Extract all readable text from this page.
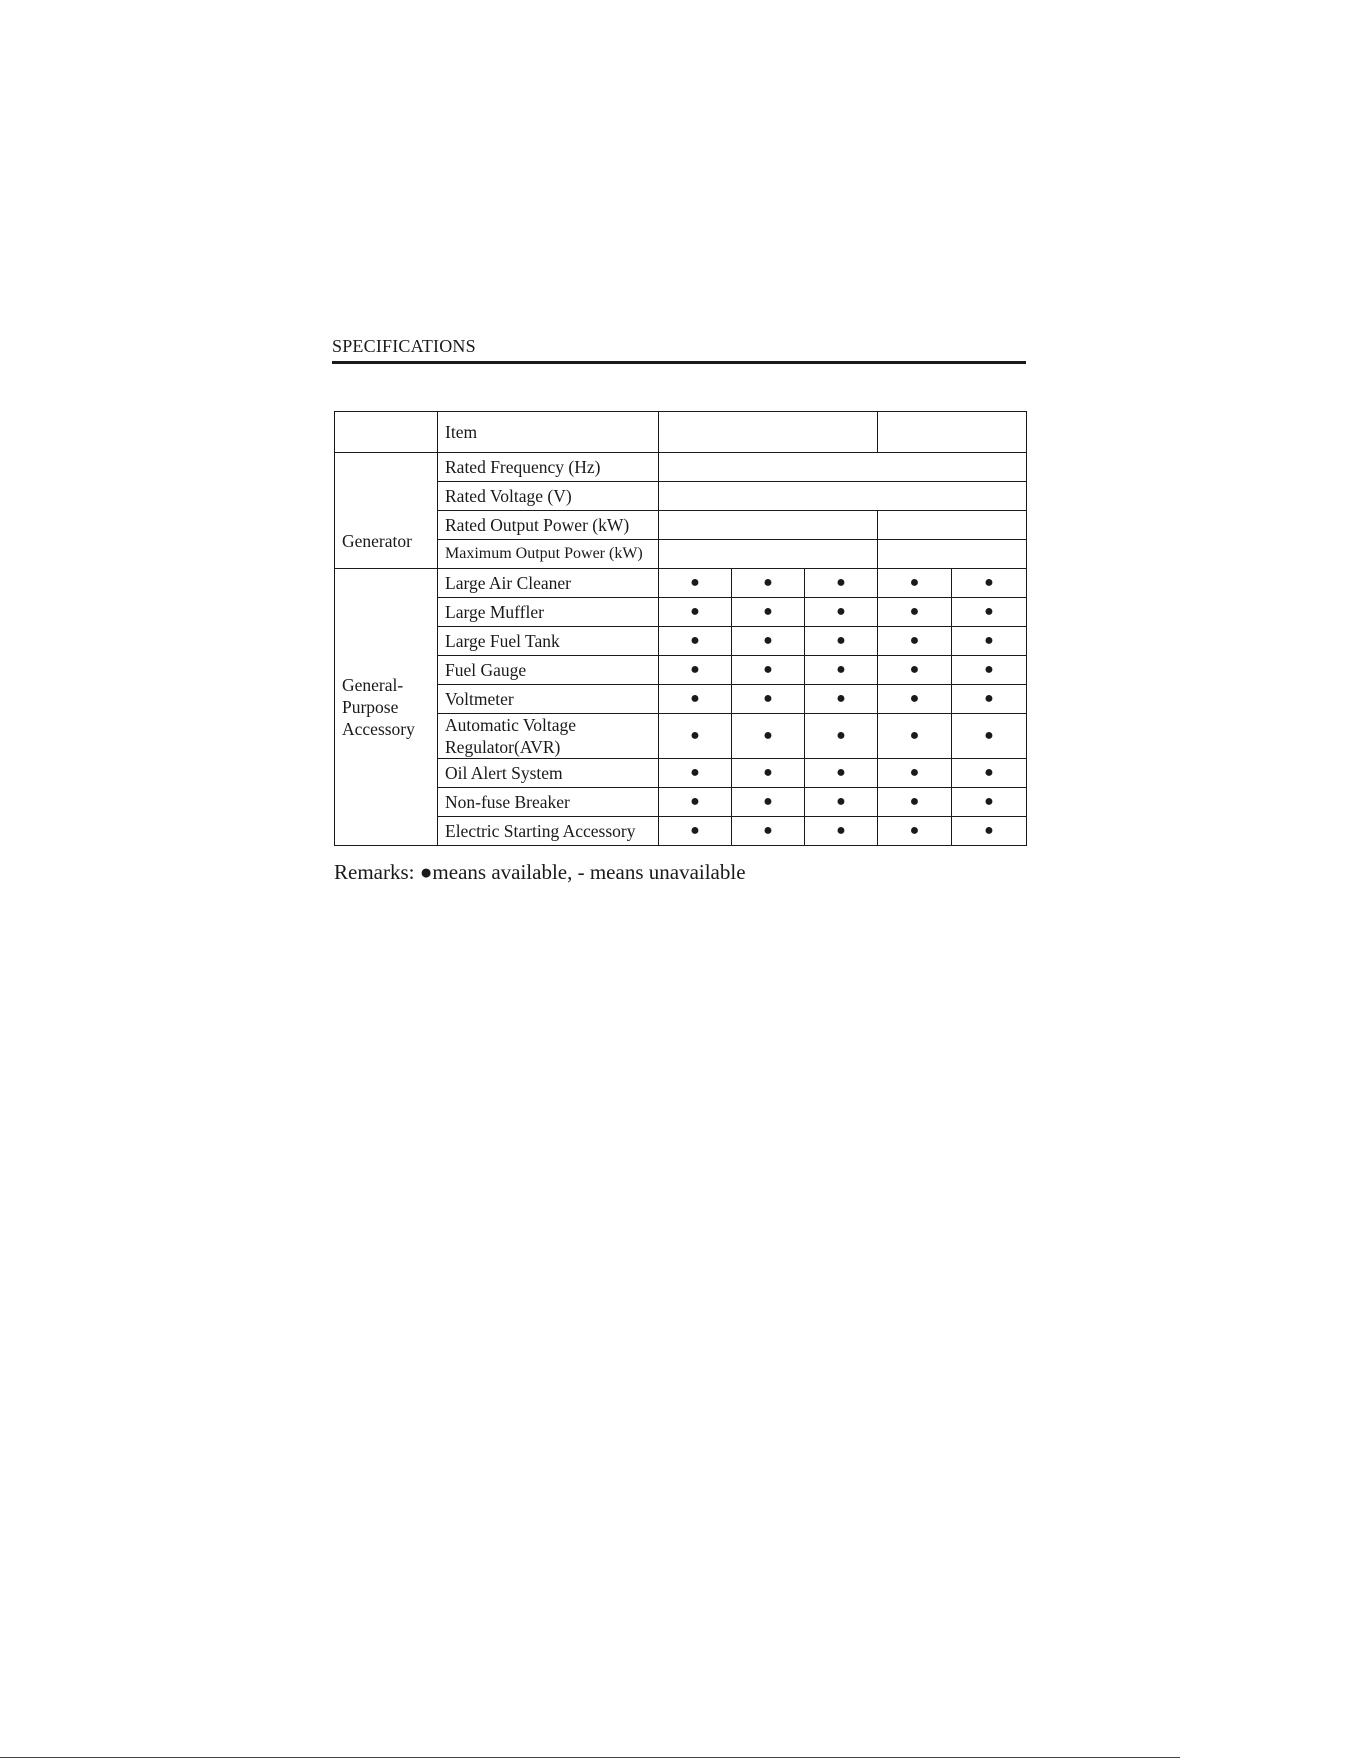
SPECIFICATIONS
	Item					
Generator	Rated Frequency (Hz)					
	Rated Voltage (V)					
	Rated Output Power (kW)					
	Maximum Output Power (kW)					

General-
Purpose
Accessory	Large Air Cleaner	●	●	●	●	●
	Large Muffler	●	●	●	●	●
	Large Fuel Tank	●	●	●	●	●
	Fuel Gauge	●	●	●	●	●
	Voltmeter	●	●	●	●	●

	Automatic Voltage
Regulator(AVR)	●	●	●	●	●
	Oil Alert System	●	●	●	●	●
	Non-fuse Breaker	●	●	●	●	●
	Electric Starting Accessory	●	●	●	●	●
Remarks: ●means available, - means unavailable
